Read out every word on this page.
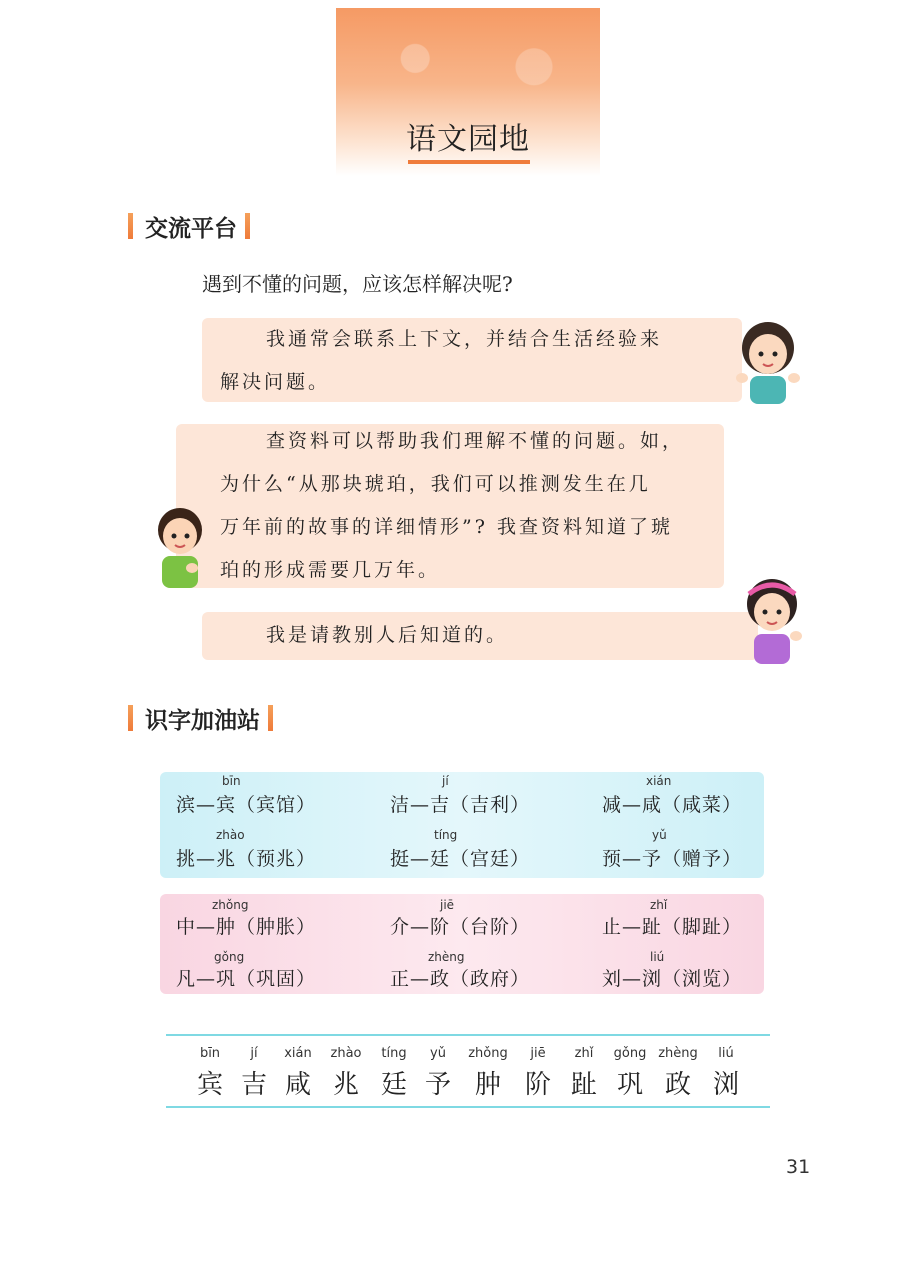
语文园地
交流平台
遇到不懂的问题，应该怎样解决呢?

我通常会联系上下文，并结合生活经验来

解决问题。

查资料可以帮助我们理解不懂的问题。如，

为什么“从那块琥珀，我们可以推测发生在几

万年前的故事的详细情形”? 我查资料知道了琥

珀的形成需要几万年。

我是请教别人后知道的。

识字加油站
bīn
滨—宾（宾馆）
jí
洁—吉（吉利）
xián
减—咸（咸菜）
zhào
挑—兆（预兆）
tíng
挺—廷（宫廷）
yǔ
预—予（赠予）
zhǒng
中—肿（肿胀）
jiē
介—阶（台阶）
zhǐ
止—趾（脚趾）
gǒng
凡—巩（巩固）
zhèng
正—政（政府）
liú
刘—浏（浏览）
bīn
宾
jí
吉
xián
咸
zhào
兆
tíng
廷
yǔ
予
zhǒng
肿
jiē
阶
zhǐ
趾
gǒng
巩
zhèng
政
liú
浏
31
